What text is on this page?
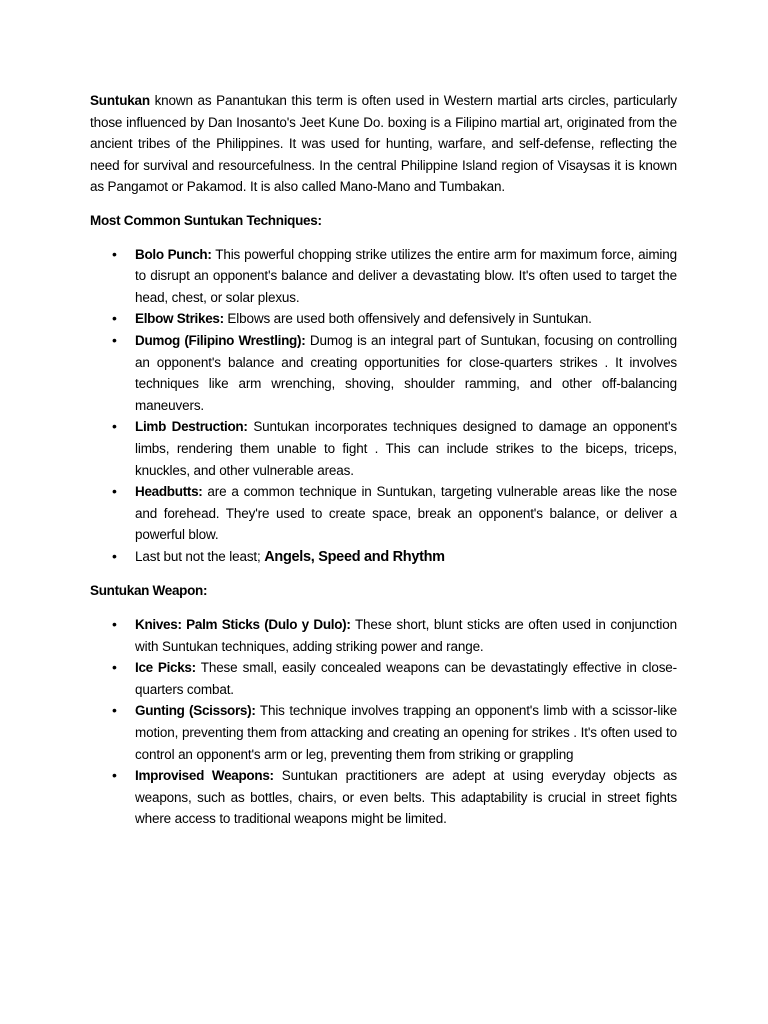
Suntukan known as Panantukan this term is often used in Western martial arts circles, particularly those influenced by Dan Inosanto's Jeet Kune Do. boxing is a Filipino martial art, originated from the ancient tribes of the Philippines. It was used for hunting, warfare, and self-defense, reflecting the need for survival and resourcefulness. In the central Philippine Island region of Visaysas it is known as Pangamot or Pakamod. It is also called Mano-Mano and Tumbakan.

Most Common Suntukan Techniques:
• Bolo Punch: This powerful chopping strike utilizes the entire arm for maximum force, aiming to disrupt an opponent's balance and deliver a devastating blow. It's often used to target the head, chest, or solar plexus.
• Elbow Strikes: Elbows are used both offensively and defensively in Suntukan.
• Dumog (Filipino Wrestling): Dumog is an integral part of Suntukan, focusing on controlling an opponent's balance and creating opportunities for close-quarters strikes . It involves techniques like arm wrenching, shoving, shoulder ramming, and other off-balancing maneuvers.
• Limb Destruction: Suntukan incorporates techniques designed to damage an opponent's limbs, rendering them unable to fight . This can include strikes to the biceps, triceps, knuckles, and other vulnerable areas.
• Headbutts: are a common technique in Suntukan, targeting vulnerable areas like the nose and forehead. They're used to create space, break an opponent's balance, or deliver a powerful blow.
• Last but not the least; Angels, Speed and Rhythm
Suntukan Weapon:
• Knives: Palm Sticks (Dulo y Dulo): These short, blunt sticks are often used in conjunction with Suntukan techniques, adding striking power and range.
• Ice Picks: These small, easily concealed weapons can be devastatingly effective in close-quarters combat.
• Gunting (Scissors): This technique involves trapping an opponent's limb with a scissor-like motion, preventing them from attacking and creating an opening for strikes . It's often used to control an opponent's arm or leg, preventing them from striking or grappling
• Improvised Weapons: Suntukan practitioners are adept at using everyday objects as weapons, such as bottles, chairs, or even belts. This adaptability is crucial in street fights where access to traditional weapons might be limited.
